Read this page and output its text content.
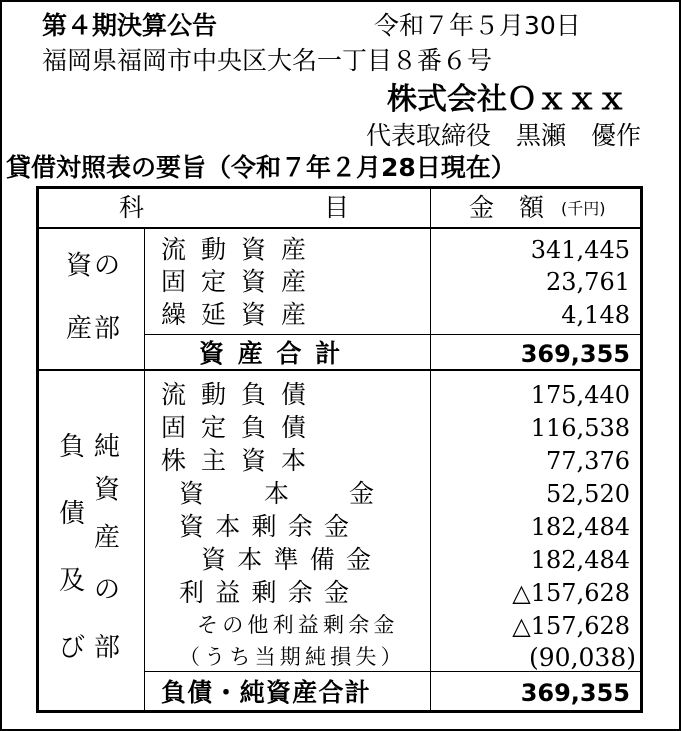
第４期決算公告	令和７年５月30日
福岡県福岡市中央区大名一丁目８番６号
株式会社Ｏｘｘｘ
代表取締役　黒瀬　優作
貸借対照表の要旨（令和７年２月28日現在）
科	目	金　額 (千円)
資の
産部
流動資産	341,445
固定資産	23,761
繰延資産	4,148
資産合計	369,355
負
債
及
び
純
資
産
の
部
流動負債	175,440
固定負債	116,538
株主資本	77,376
資本金	52,520
資本剰余金	182,484
資本準備金	182,484
利益剰余金	△157,628
その他利益剰余金	△157,628
（うち当期純損失）	(90,038)
負債・純資産合計	369,355
